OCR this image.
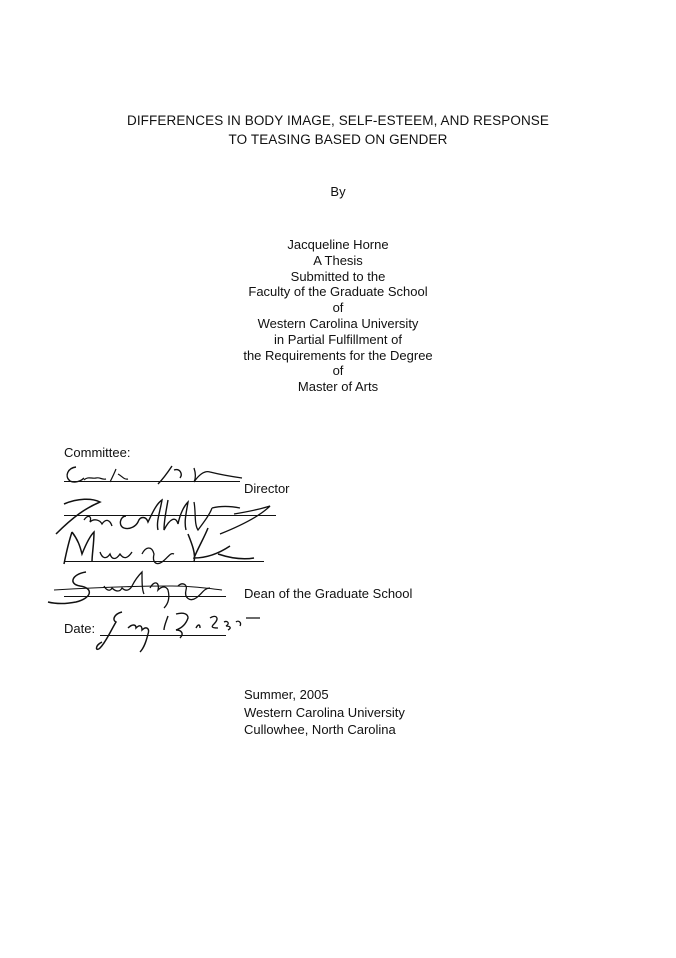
DIFFERENCES IN BODY IMAGE, SELF-ESTEEM, AND RESPONSE
TO TEASING BASED ON GENDER
By
Jacqueline Horne
A Thesis
Submitted to the
Faculty of the Graduate School
of
Western Carolina University
in Partial Fulfillment of
the Requirements for the Degree
of
Master of Arts
Committee:
Director
Dean of the Graduate School
Date:
Summer, 2005
Western Carolina University
Cullowhee, North Carolina
